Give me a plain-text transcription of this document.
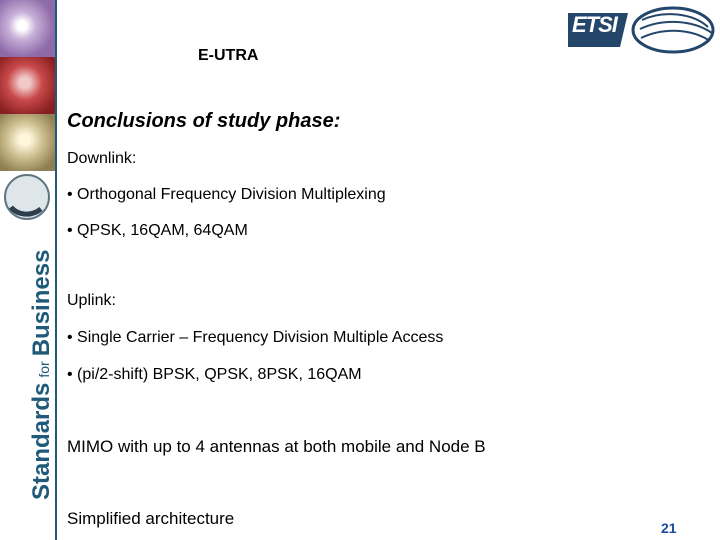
StandardsforBusiness
E-UTRA
ETSI
Conclusions of study phase:
Downlink:
• Orthogonal Frequency Division Multiplexing
• QPSK, 16QAM, 64QAM
Uplink:
• Single Carrier – Frequency Division Multiple Access
• (pi/2-shift) BPSK, QPSK, 8PSK, 16QAM
MIMO with up to 4 antennas at both mobile and Node B
Simplified architecture	21
